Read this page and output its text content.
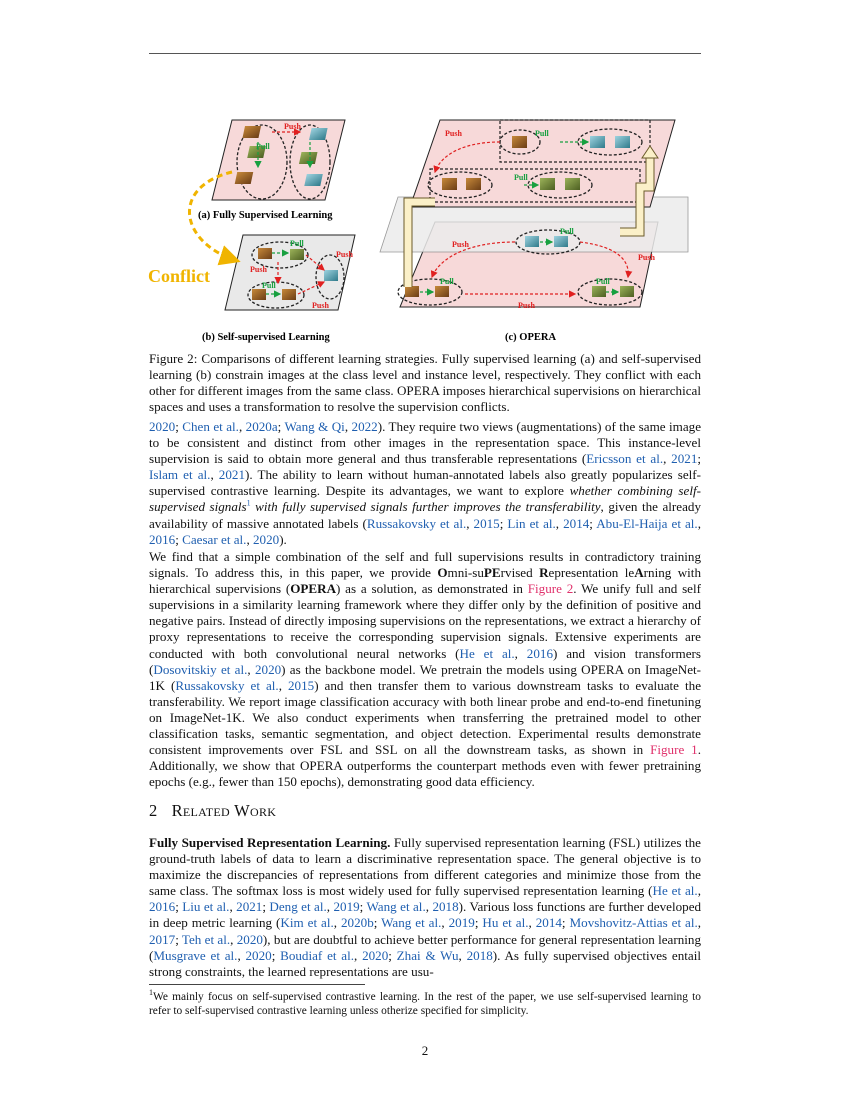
Push
Pull
Pull
Push
Push
Push
Pull
Conflict
Push	Pull
Pull
Push
Push
Push
Pull
Pull	Pull
(a) Fully Supervised Learning
(b) Self-supervised Learning	(c) OPERA

Figure 2: Comparisons of different learning strategies. Fully supervised learning (a) and self-supervised learning (b) constrain images at the class level and instance level, respectively. They conflict with each other for different images from the same class. OPERA imposes hierarchical supervisions on hierarchical spaces and uses a transformation to resolve the supervision conflicts.

2020; Chen et al., 2020a; Wang & Qi, 2022). They require two views (augmentations) of the same image to be consistent and distinct from other images in the representation space. This instance-level supervision is said to obtain more general and thus transferable representations (Ericsson et al., 2021; Islam et al., 2021). The ability to learn without human-annotated labels also greatly popularizes self-supervised contrastive learning. Despite its advantages, we want to explore whether combining self-supervised signals$^1$ with fully supervised signals further improves the transferability, given the already availability of massive annotated labels (Russakovsky et al., 2015; Lin et al., 2014; Abu-El-Haija et al., 2016; Caesar et al., 2020).

We find that a simple combination of the self and full supervisions results in contradictory training signals. To address this, in this paper, we provide Omni-suPErvised Representation leArning with hierarchical supervisions (OPERA) as a solution, as demonstrated in Figure 2. We unify full and self supervisions in a similarity learning framework where they differ only by the definition of positive and negative pairs. Instead of directly imposing supervisions on the representations, we extract a hierarchy of proxy representations to receive the corresponding supervision signals. Extensive experiments are conducted with both convolutional neural networks (He et al., 2016) and vision transformers (Dosovitskiy et al., 2020) as the backbone model. We pretrain the models using OPERA on ImageNet-1K (Russakovsky et al., 2015) and then transfer them to various downstream tasks to evaluate the transferability. We report image classification accuracy with both linear probe and end-to-end finetuning on ImageNet-1K. We also conduct experiments when transferring the pretrained model to other classification tasks, semantic segmentation, and object detection. Experimental results demonstrate consistent improvements over FSL and SSL on all the downstream tasks, as shown in Figure 1. Additionally, we show that OPERA outperforms the counterpart methods even with fewer pretraining epochs (e.g., fewer than 150 epochs), demonstrating good data efficiency.

2 Related Work

Fully Supervised Representation Learning. Fully supervised representation learning (FSL) utilizes the ground-truth labels of data to learn a discriminative representation space. The general objective is to maximize the discrepancies of representations from different categories and minimize those from the same class. The softmax loss is most widely used for fully supervised representation learning (He et al., 2016; Liu et al., 2021; Deng et al., 2019; Wang et al., 2018). Various loss functions are further developed in deep metric learning (Kim et al., 2020b; Wang et al., 2019; Hu et al., 2014; Movshovitz-Attias et al., 2017; Teh et al., 2020), but are doubtful to achieve better performance for general representation learning (Musgrave et al., 2020; Boudiaf et al., 2020; Zhai & Wu, 2018). As fully supervised objectives entail strong constraints, the learned representations are usu-

$^1$We mainly focus on self-supervised contrastive learning. In the rest of the paper, we use self-supervised learning to refer to self-supervised contrastive learning unless otherize specified for simplicity.
2
